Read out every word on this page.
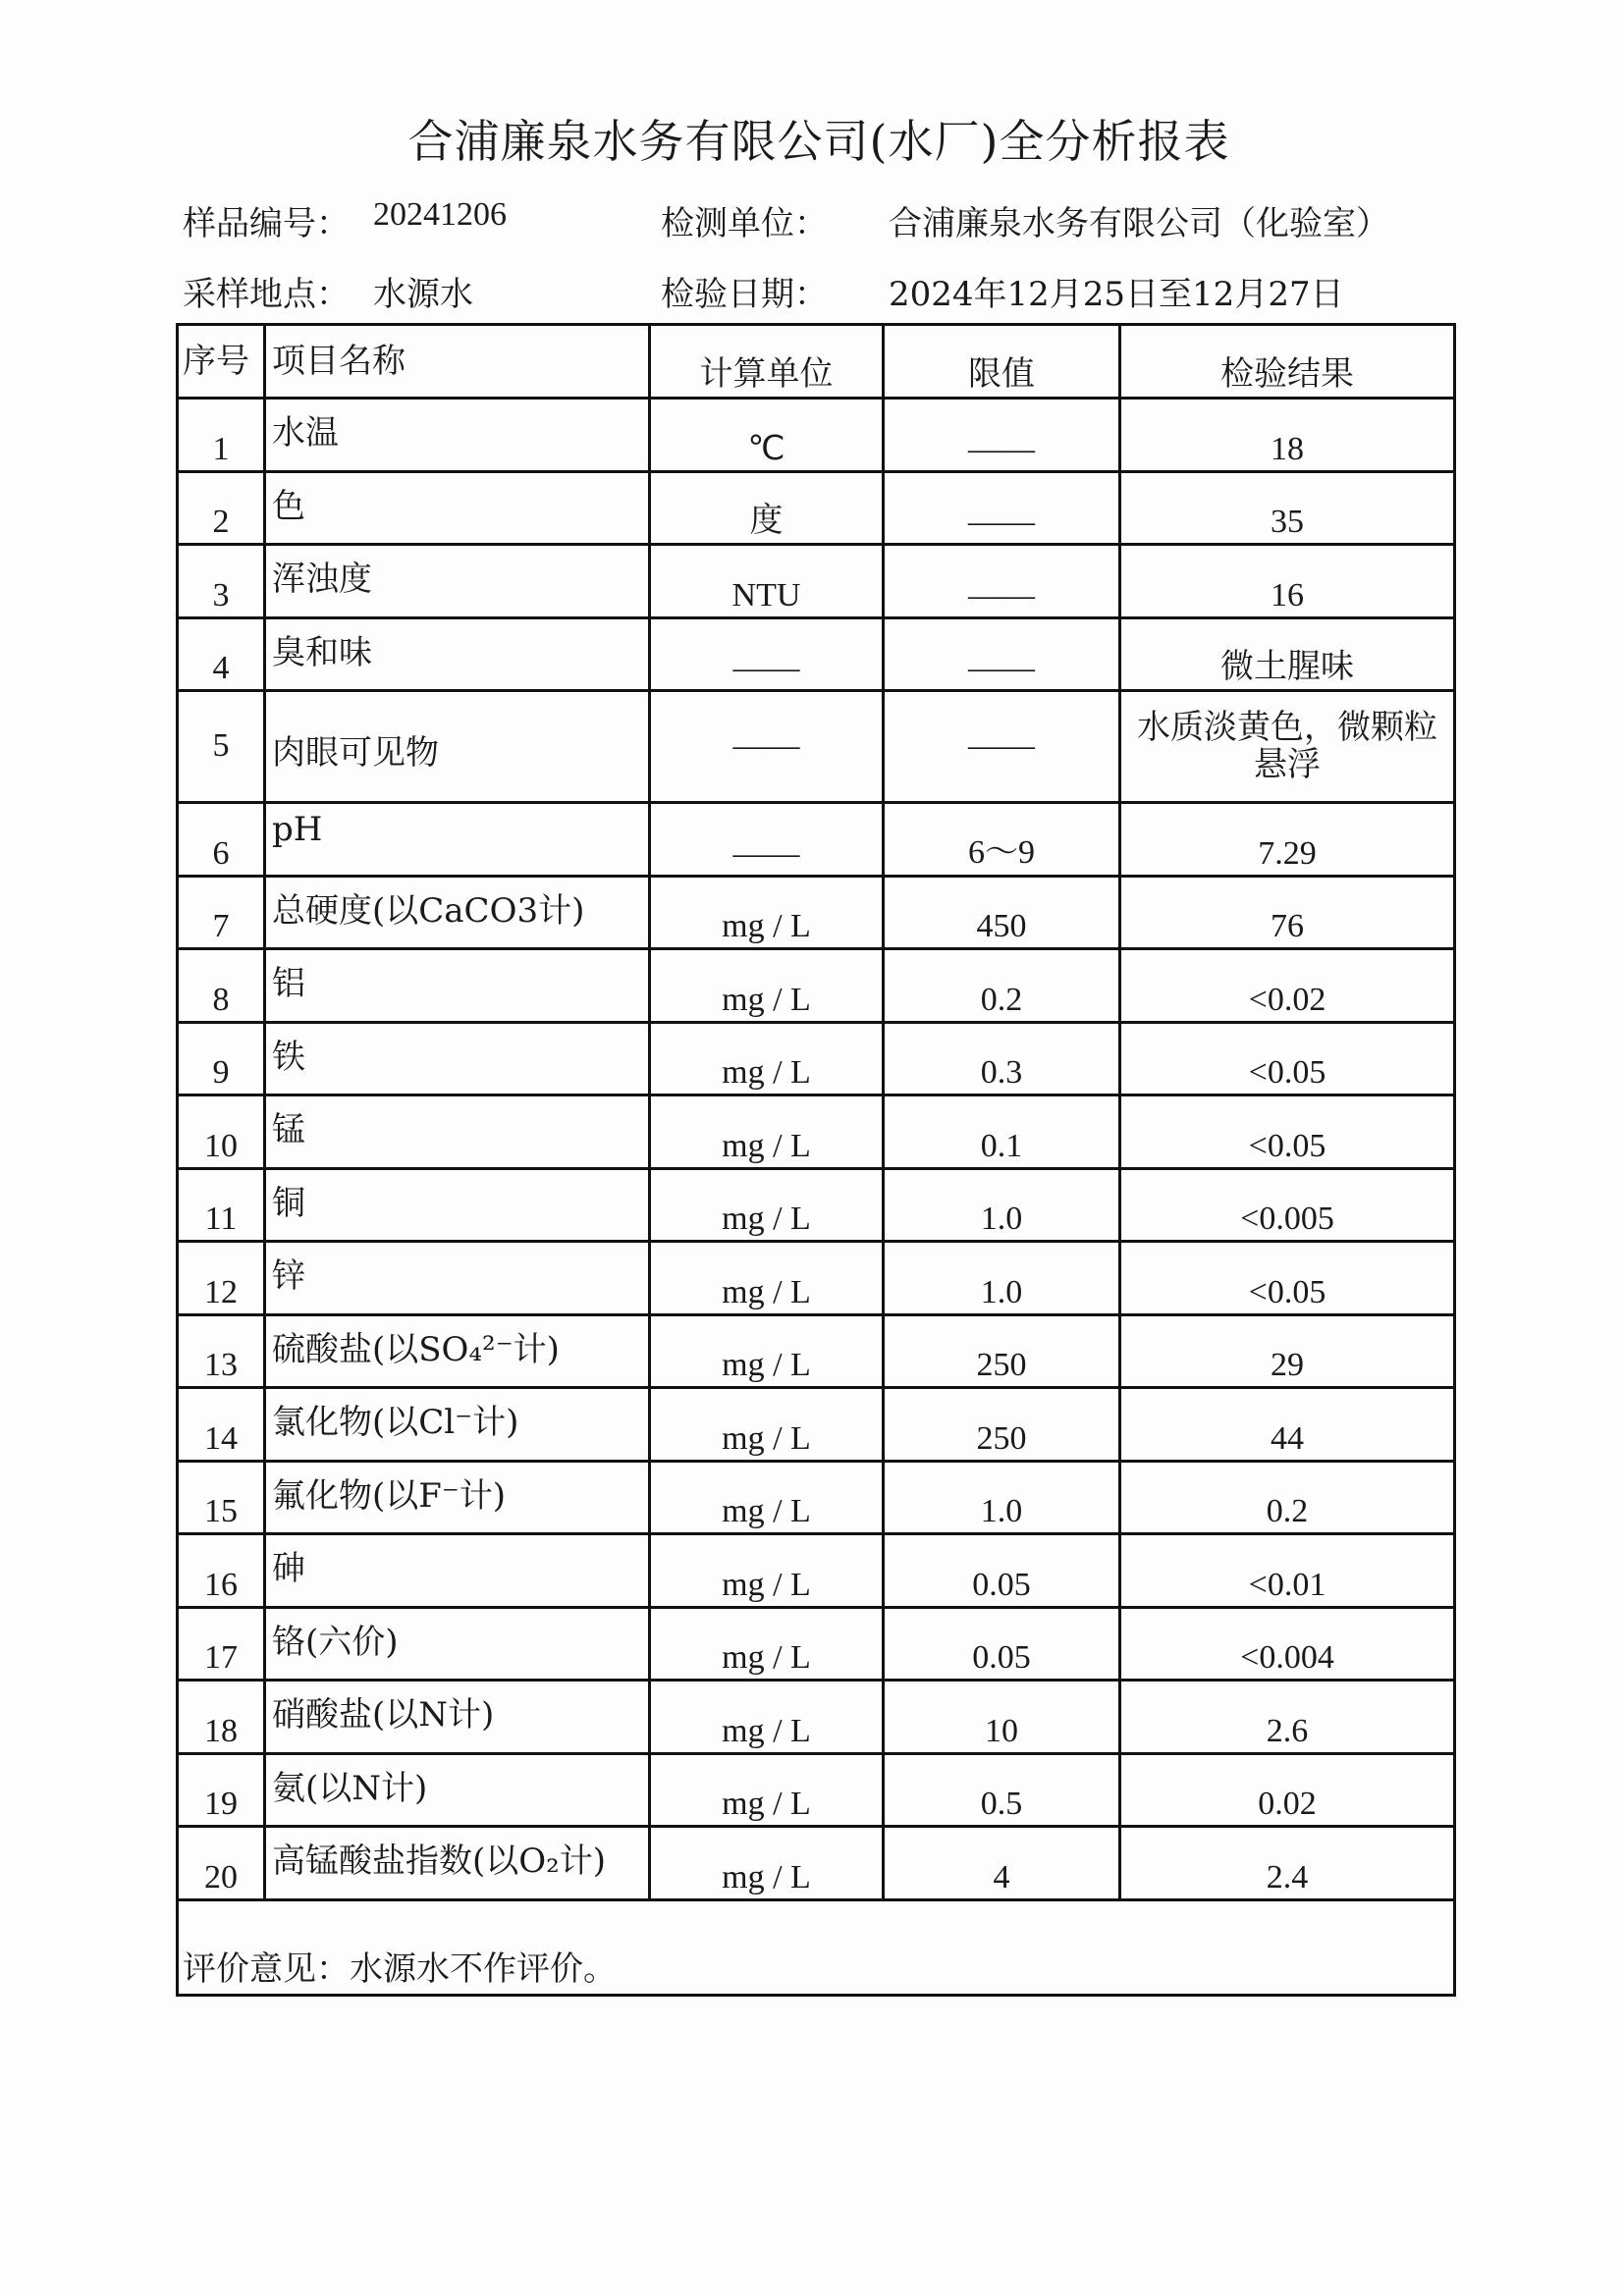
合浦廉泉水务有限公司(水厂)全分析报表
样品编号： 20241206	检测单位： 合浦廉泉水务有限公司（化验室）
采样地点： 水源水	检验日期： 2024年12月25日至12月27日
序号	项目名称	计算单位	限值	检验结果
1	水温	℃	——	18
2	色	度	——	35
3	浑浊度	NTU	——	16
4	臭和味	——	——	微土腥味
5	肉眼可见物	——	——	水质淡黄色，微颗粒悬浮
6	pH	——	6～9	7.29
7	总硬度(以CaCO3计)	mg / L	450	76
8	铝	mg / L	0.2	<0.02
9	铁	mg / L	0.3	<0.05
10	锰	mg / L	0.1	<0.05
11	铜	mg / L	1.0	<0.005
12	锌	mg / L	1.0	<0.05
13	硫酸盐(以SO₄²⁻计)	mg / L	250	29
14	氯化物(以Cl⁻计)	mg / L	250	44
15	氟化物(以F⁻计)	mg / L	1.0	0.2
16	砷	mg / L	0.05	<0.01
17	铬(六价)	mg / L	0.05	<0.004
18	硝酸盐(以N计)	mg / L	10	2.6
19	氨(以N计)	mg / L	0.5	0.02
20	高锰酸盐指数(以O₂计)	mg / L	4	2.4
评价意见：水源水不作评价。				
